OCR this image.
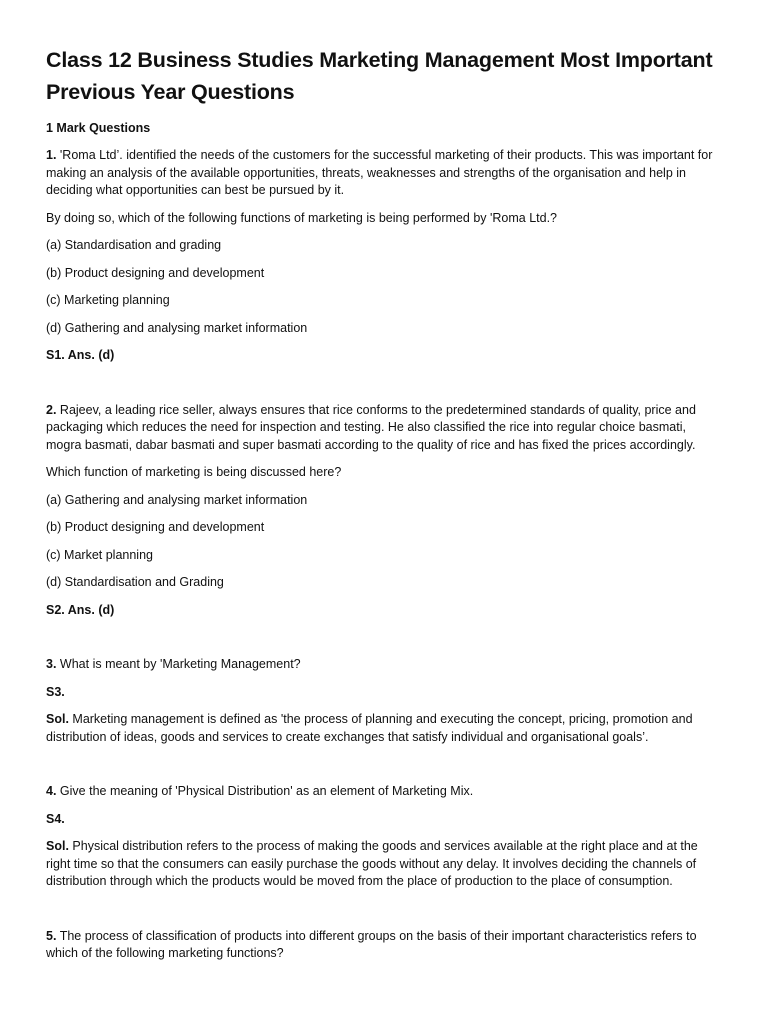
Class 12 Business Studies Marketing Management Most Important Previous Year Questions
1 Mark Questions

1. 'Roma Ltd’. identified the needs of the customers for the successful marketing of their products. This was important for making an analysis of the available opportunities, threats, weaknesses and strengths of the organisation and help in deciding what opportunities can best be pursued by it.

By doing so, which of the following functions of marketing is being performed by 'Roma Ltd.?

(a) Standardisation and grading

(b) Product designing and development

(c) Marketing planning

(d) Gathering and analysing market information

S1. Ans. (d)

2. Rajeev, a leading rice seller, always ensures that rice conforms to the predetermined standards of quality, price and packaging which reduces the need for inspection and testing. He also classified the rice into regular choice basmati, mogra basmati, dabar basmati and super basmati according to the quality of rice and has fixed the prices accordingly.

Which function of marketing is being discussed here?

(a) Gathering and analysing market information

(b) Product designing and development

(c) Market planning

(d) Standardisation and Grading

S2. Ans. (d)

3. What is meant by 'Marketing Management?

S3.

Sol. Marketing management is defined as 'the process of planning and executing the concept, pricing, promotion and distribution of ideas, goods and services to create exchanges that satisfy individual and organisational goals’.

4. Give the meaning of 'Physical Distribution' as an element of Marketing Mix.

S4.

Sol. Physical distribution refers to the process of making the goods and services available at the right place and at the right time so that the consumers can easily purchase the goods without any delay. It involves deciding the channels of distribution through which the products would be moved from the place of production to the place of consumption.

5. The process of classification of products into different groups on the basis of their important characteristics refers to which of the following marketing functions?
